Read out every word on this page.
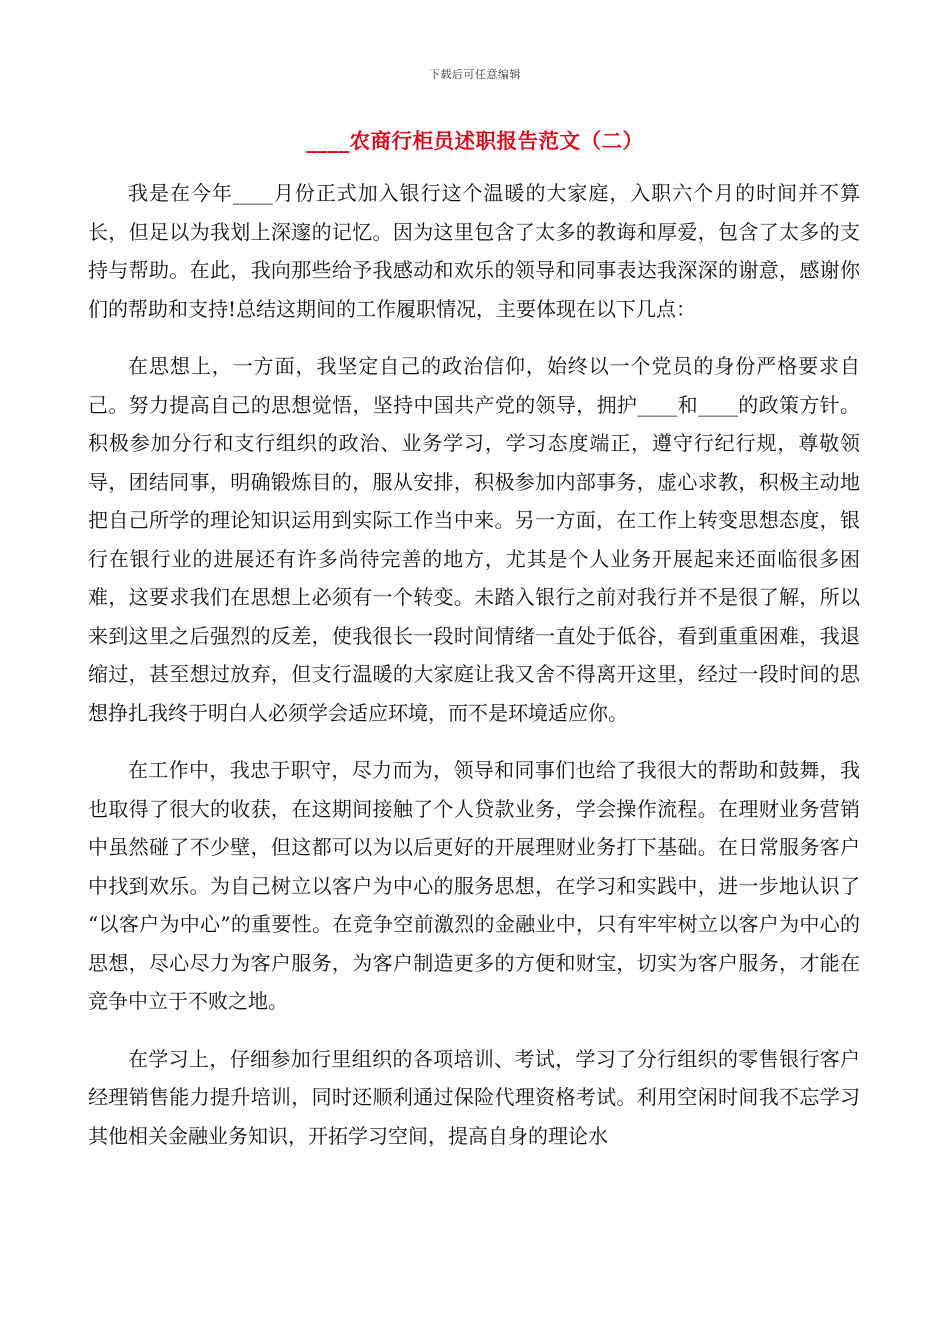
下载后可任意编辑
____农商行柜员述职报告范文（二）

我是在今年____月份正式加入银行这个温暖的大家庭，入职六个月的时间并不算长，但足以为我划上深邃的记忆。因为这里包含了太多的教诲和厚爱，包含了太多的支持与帮助。在此，我向那些给予我感动和欢乐的领导和同事表达我深深的谢意，感谢你们的帮助和支持!总结这期间的工作履职情况，主要体现在以下几点：

在思想上，一方面，我坚定自己的政治信仰，始终以一个党员的身份严格要求自己。努力提高自己的思想觉悟，坚持中国共产党的领导，拥护____和____的政策方针。积极参加分行和支行组织的政治、业务学习，学习态度端正，遵守行纪行规，尊敬领导，团结同事，明确锻炼目的，服从安排，积极参加内部事务，虚心求教，积极主动地把自己所学的理论知识运用到实际工作当中来。另一方面，在工作上转变思想态度，银行在银行业的进展还有许多尚待完善的地方，尤其是个人业务开展起来还面临很多困难，这要求我们在思想上必须有一个转变。未踏入银行之前对我行并不是很了解，所以来到这里之后强烈的反差，使我很长一段时间情绪一直处于低谷，看到重重困难，我退缩过，甚至想过放弃，但支行温暖的大家庭让我又舍不得离开这里，经过一段时间的思想挣扎我终于明白人必须学会适应环境，而不是环境适应你。

在工作中，我忠于职守，尽力而为，领导和同事们也给了我很大的帮助和鼓舞，我也取得了很大的收获，在这期间接触了个人贷款业务，学会操作流程。在理财业务营销中虽然碰了不少壁，但这都可以为以后更好的开展理财业务打下基础。在日常服务客户中找到欢乐。为自己树立以客户为中心的服务思想，在学习和实践中，进一步地认识了 “以客户为中心”的重要性。在竞争空前激烈的金融业中，只有牢牢树立以客户为中心的思想，尽心尽力为客户服务，为客户制造更多的方便和财宝，切实为客户服务，才能在竞争中立于不败之地。

在学习上，仔细参加行里组织的各项培训、考试，学习了分行组织的零售银行客户经理销售能力提升培训，同时还顺利通过保险代理资格考试。利用空闲时间我不忘学习其他相关金融业务知识，开拓学习空间，提高自身的理论水
